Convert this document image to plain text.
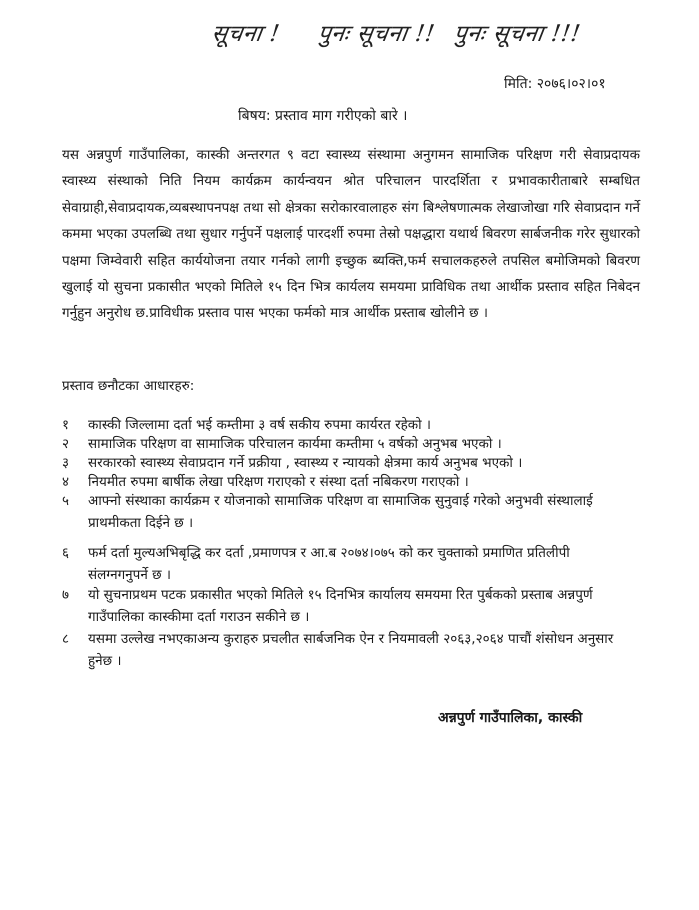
सूचना ! पुनः सूचना !! पुनः सूचना !!!
मिति: २०७६।०२।०१
बिषय: प्रस्ताव माग गरीएको बारे ।

यस अन्नपुर्ण गाउँपालिका, कास्की अन्तरगत ९ वटा स्वास्थ्य संस्थामा अनुगमन सामाजिक परिक्षण गरी सेवाप्रदायक स्वास्थ्य संस्थाको निति नियम कार्यक्रम कार्यन्वयन श्रोत परिचालन पारदर्शिता र प्रभावकारीताबारे सम्बधित सेवाग्राही,सेवाप्रदायक,व्यबस्थापनपक्ष तथा सो क्षेत्रका सरोकारवालाहरु संग बिश्लेषणात्मक लेखाजोखा गरि सेवाप्रदान गर्ने कममा भएका उपलब्धि तथा सुधार गर्नुपर्ने पक्षलाई पारदर्शी रुपमा तेस्रो पक्षद्धारा यथार्थ बिवरण सार्बजनीक गरेर सुधारको पक्षमा जिम्वेवारी सहित कार्ययोजना तयार गर्नको लागी इच्छुक ब्यक्ति,फर्म सचालकहरुले तपसिल बमोजिमको बिवरण खुलाई यो सुचना प्रकासीत भएको मितिले १५ दिन भित्र कार्यलय समयमा प्राविधिक तथा आर्थीक प्रस्ताव सहित निबेदन गर्नुहुन अनुरोध छ.प्राविधीक प्रस्ताव पास भएका फर्मको मात्र आर्थीक प्रस्ताब खोलीने छ ।

प्रस्ताव छनौटका आधारहरु:
१	कास्की जिल्लामा दर्ता भई कम्तीमा ३ वर्ष सकीय रुपमा कार्यरत रहेको ।
२	सामाजिक परिक्षण वा सामाजिक परिचालन कार्यमा कम्तीमा ५ वर्षको अनुभब भएको ।
३	सरकारको स्वास्थ्य सेवाप्रदान गर्ने प्रक्रीया , स्वास्थ्य र न्यायको क्षेत्रमा कार्य अनुभब भएको ।
४	नियमीत रुपमा बार्षीक लेखा परिक्षण गराएको र संस्था दर्ता नबिकरण गराएको ।
५	आफ्नो संस्थाका कार्यक्रम र योजनाको सामाजिक परिक्षण वा सामाजिक सुनुवाई गरेको अनुभवी संस्थालाई प्राथमीकता दिईने छ ।
६	फर्म दर्ता मुल्यअभिबृद्धि कर दर्ता ,प्रमाणपत्र र आ.ब २०७४।०७५ को कर चुक्ताको प्रमाणित प्रतिलीपी संलग्नगनुपर्ने छ ।
७	यो सुचनाप्रथम पटक प्रकासीत भएको मितिले १५ दिनभित्र कार्यालय समयमा रित पुर्बकको प्रस्ताब अन्नपुर्ण गाउँपालिका कास्कीमा दर्ता गराउन सकीने छ ।
८	यसमा उल्लेख नभएकाअन्य कुराहरु प्रचलीत सार्बजनिक ऐन र नियमावली २०६३,२०६४ पाचौं शंसोधन अनुसार हुनेछ ।
अन्नपुर्ण गाउँपालिका, कास्की
